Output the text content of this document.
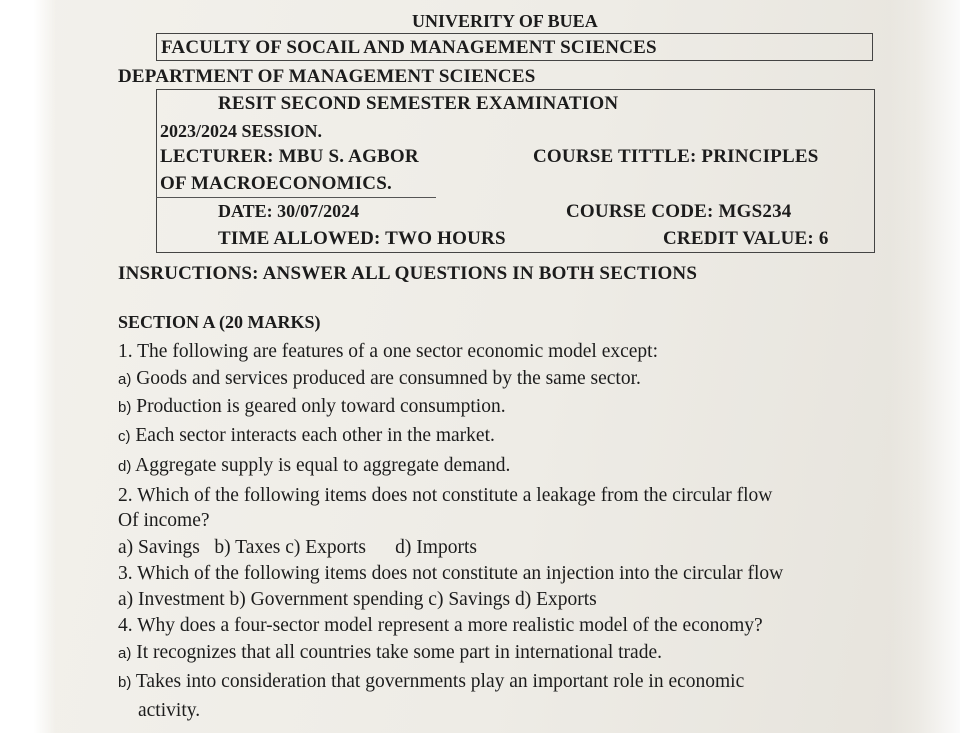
UNIVERITY OF BUEA
FACULTY OF SOCAIL AND MANAGEMENT SCIENCES
DEPARTMENT OF MANAGEMENT SCIENCES
RESIT SECOND SEMESTER EXAMINATION
2023/2024 SESSION.
LECTURER: MBU S. AGBOR	COURSE TITTLE: PRINCIPLES
OF MACROECONOMICS.
DATE: 30/07/2024	COURSE CODE: MGS234
TIME ALLOWED: TWO HOURS	CREDIT VALUE: 6
INSRUCTIONS: ANSWER ALL QUESTIONS IN BOTH SECTIONS
SECTION A (20 MARKS)
1. The following are features of a one sector economic model except:
a) Goods and services produced are consumned by the same sector.
b) Production is geared only toward consumption.
c) Each sector interacts each other in the market.
d) Aggregate supply is equal to aggregate demand.
2. Which of the following items does not constitute a leakage from the circular flow
Of income?
a) Savings   b) Taxes c) Exports      d) Imports
3. Which of the following items does not constitute an injection into the circular flow
a) Investment b) Government spending c) Savings d) Exports
4. Why does a four-sector model represent a more realistic model of the economy?
a) It recognizes that all countries take some part in international trade.
b) Takes into consideration that governments play an important role in economic
activity.
